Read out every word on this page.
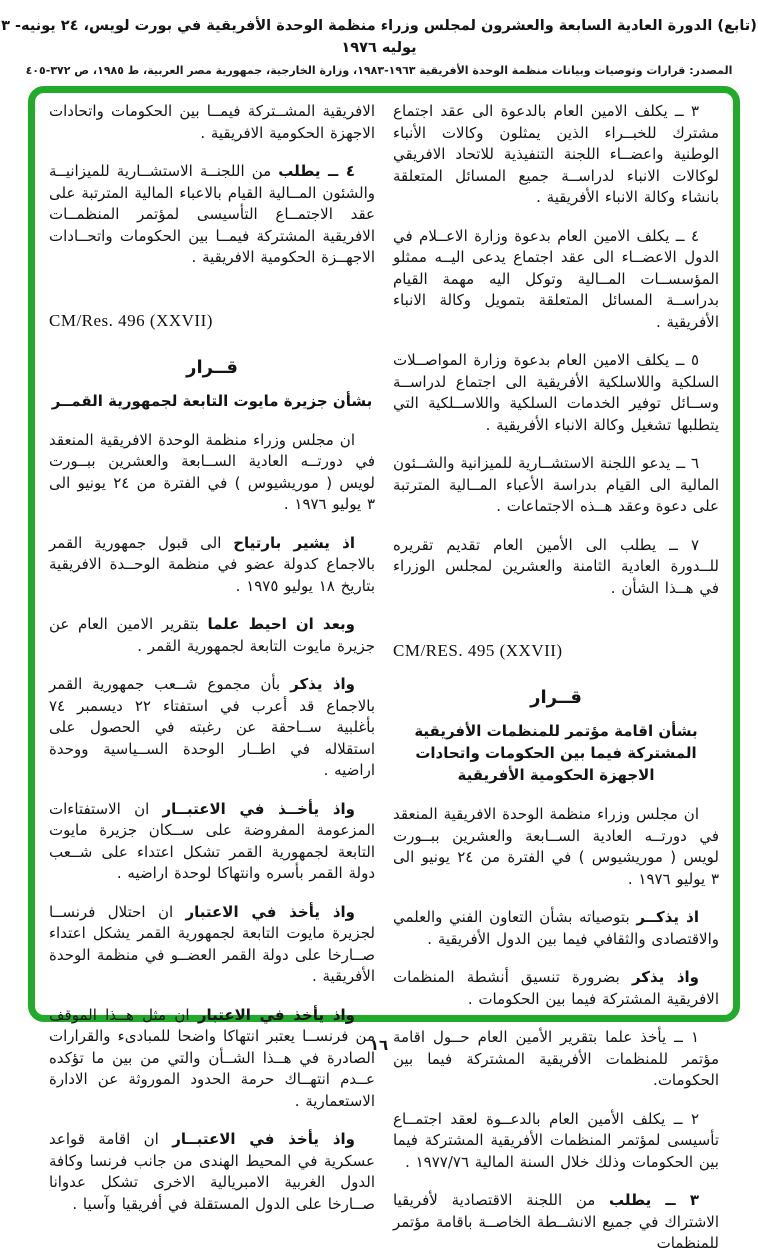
(تابع) الدورة العادية السابعة والعشرون لمجلس وزراء منظمة الوحدة الأفريقية في بورت لويس، ٢٤ يونيه- ٣ يوليه ١٩٧٦
المصدر: قرارات وتوصيات وبيانات منظمة الوحدة الأفريقية ١٩٦٣-١٩٨٣، وزارة الخارجية، جمهورية مصر العربية، ط ١٩٨٥، ص ٣٧٢-٤٠٥

٣ ــ يكلف الامين العام بالدعوة الى عقد اجتماع مشترك للخبــراء الذين يمثلون وكالات الأنباء الوطنية واعضــاء اللجنة التنفيذية للاتحاد الافريقي لوكالات الانباء لدراســة جميع المسائل المتعلقة بانشاء وكالة الانباء الأفريقية .

٤ ــ يكلف الامين العام بدعوة وزارة الاعــلام في الدول الاعضــاء الى عقد اجتماع يدعى اليــه ممثلو المؤسســات المــالية وتوكل اليه مهمة القيام بدراســة المسائل المتعلقة بتمويل وكالة الانباء الأفريقية .

٥ ــ يكلف الامين العام بدعوة وزارة المواصــلات السلكية واللاسلكية الأفريقية الى اجتماع لدراســة وســائل توفير الخدمات السلكية واللاســلكية التي يتطلبها تشغيل وكالة الانباء الأفريقية .

٦ ــ يدعو اللجنة الاستشــارية للميزانية والشــئون المالية الى القيام بدراسة الأعباء المــالية المترتبة على دعوة وعقد هــذه الاجتماعات .

٧ ــ يطلب الى الأمين العام تقديم تقريره للــدورة العادية الثامنة والعشرين لمجلس الوزراء في هــذا الشأن .

CM/RES. 495 (XXVII)
قــرار
بشأن اقامة مؤتمر للمنظمات الأفريقية
المشتركة فيما بين الحكومات واتحادات
الاجهزة الحكومية الأفريقية

ان مجلس وزراء منظمة الوحدة الافريقية المنعقد في دورتــه العادية الســابعة والعشرين ببــورت لويس ( موريشيوس ) في الفترة من ٢٤ يونيو الى ٣ يوليو ١٩٧٦ .

اذ يذكــر بتوصياته بشأن التعاون الفني والعلمي والاقتصادى والثقافي فيما بين الدول الأفريقية .

واذ يذكر بضرورة تنسيق أنشطة المنظمات الافريقية المشتركة فيما بين الحكومات .

١ ــ يأخذ علما بتقرير الأمين العام حــول اقامة مؤتمر للمنظمات الأفريقية المشتركة فيما بين الحكومات.

٢ ــ يكلف الأمين العام بالدعــوة لعقد اجتمــاع تأسيسى لمؤتمر المنظمات الأفريقية المشتركة فيما بين الحكومات وذلك خلال السنة المالية ١٩٧٧/٧٦ .

٣ ــ يطلب من اللجنة الاقتصادية لأفريقيا الاشتراك في جميع الانشــطة الخاصــة باقامة مؤتمر للمنظمات

الافريقية المشــتركة فيمــا بين الحكومات واتحادات الاجهزة الحكومية الافريقية .

٤ ــ يطلب من اللجنــة الاستشــارية للميزانيــة والشئون المــالية القيام بالاعباء المالية المترتبة على عقد الاجتمــاع التأسيسى لمؤتمر المنظمــات الافريقية المشتركة فيمــا بين الحكومات واتحــادات الاجهــزة الحكومية الافريقية .

CM/Res. 496 (XXVII)
قــرار
بشأن جزيرة مايوت التابعة لجمهورية القمــر

ان مجلس وزراء منظمة الوحدة الافريقية المنعقد في دورتــه العادية الســابعة والعشرين ببــورت لويس ( موريشيوس ) في الفترة من ٢٤ يونيو الى ٣ يوليو ١٩٧٦ .

اذ يشير بارتياح الى قبول جمهورية القمر بالاجماع كدولة عضو في منظمة الوحــدة الافريقية بتاريخ ١٨ يوليو ١٩٧٥ .

وبعد ان احيط علما بتقرير الامين العام عن جزيرة مايوت التابعة لجمهورية القمر .

واذ يذكر بأن مجموع شــعب جمهورية القمر بالاجماع قد أعرب في استفتاء ٢٢ ديسمبر ٧٤ بأغلبية ســاحقة عن رغبته في الحصول على استقلاله في اطــار الوحدة الســياسية ووحدة اراضيه .

واذ يأخــذ في الاعتبــار ان الاستفتاءات المزعومة المفروضة على ســكان جزيرة مايوت التابعة لجمهورية القمر تشكل اعتداء على شــعب دولة القمر بأسره وانتهاكا لوحدة اراضيه .

واذ يأخذ في الاعتبار ان احتلال فرنســا لجزيرة مايوت التابعة لجمهورية القمر يشكل اعتداء صــارخا على دولة القمر العضــو في منظمة الوحدة الأفريقية .

واذ يأخذ في الاعتبار ان مثل هــذا الموقف من فرنســا يعتبر انتهاكا واضحا للمبادىء والقرارات الصادرة في هــذا الشــأن والتي من بين ما تؤكده عــدم انتهــاك حرمة الحدود الموروثة عن الادارة الاستعمارية .

واذ يأخذ في الاعتبــار ان اقامة قواعد عسكرية في المحيط الهندى من جانب فرنسا وكافة الدول الغربية الامبريالية الاخرى تشكل عدوانا صــارخا على الدول المستقلة في أفريقيا وآسيا .

١٦
